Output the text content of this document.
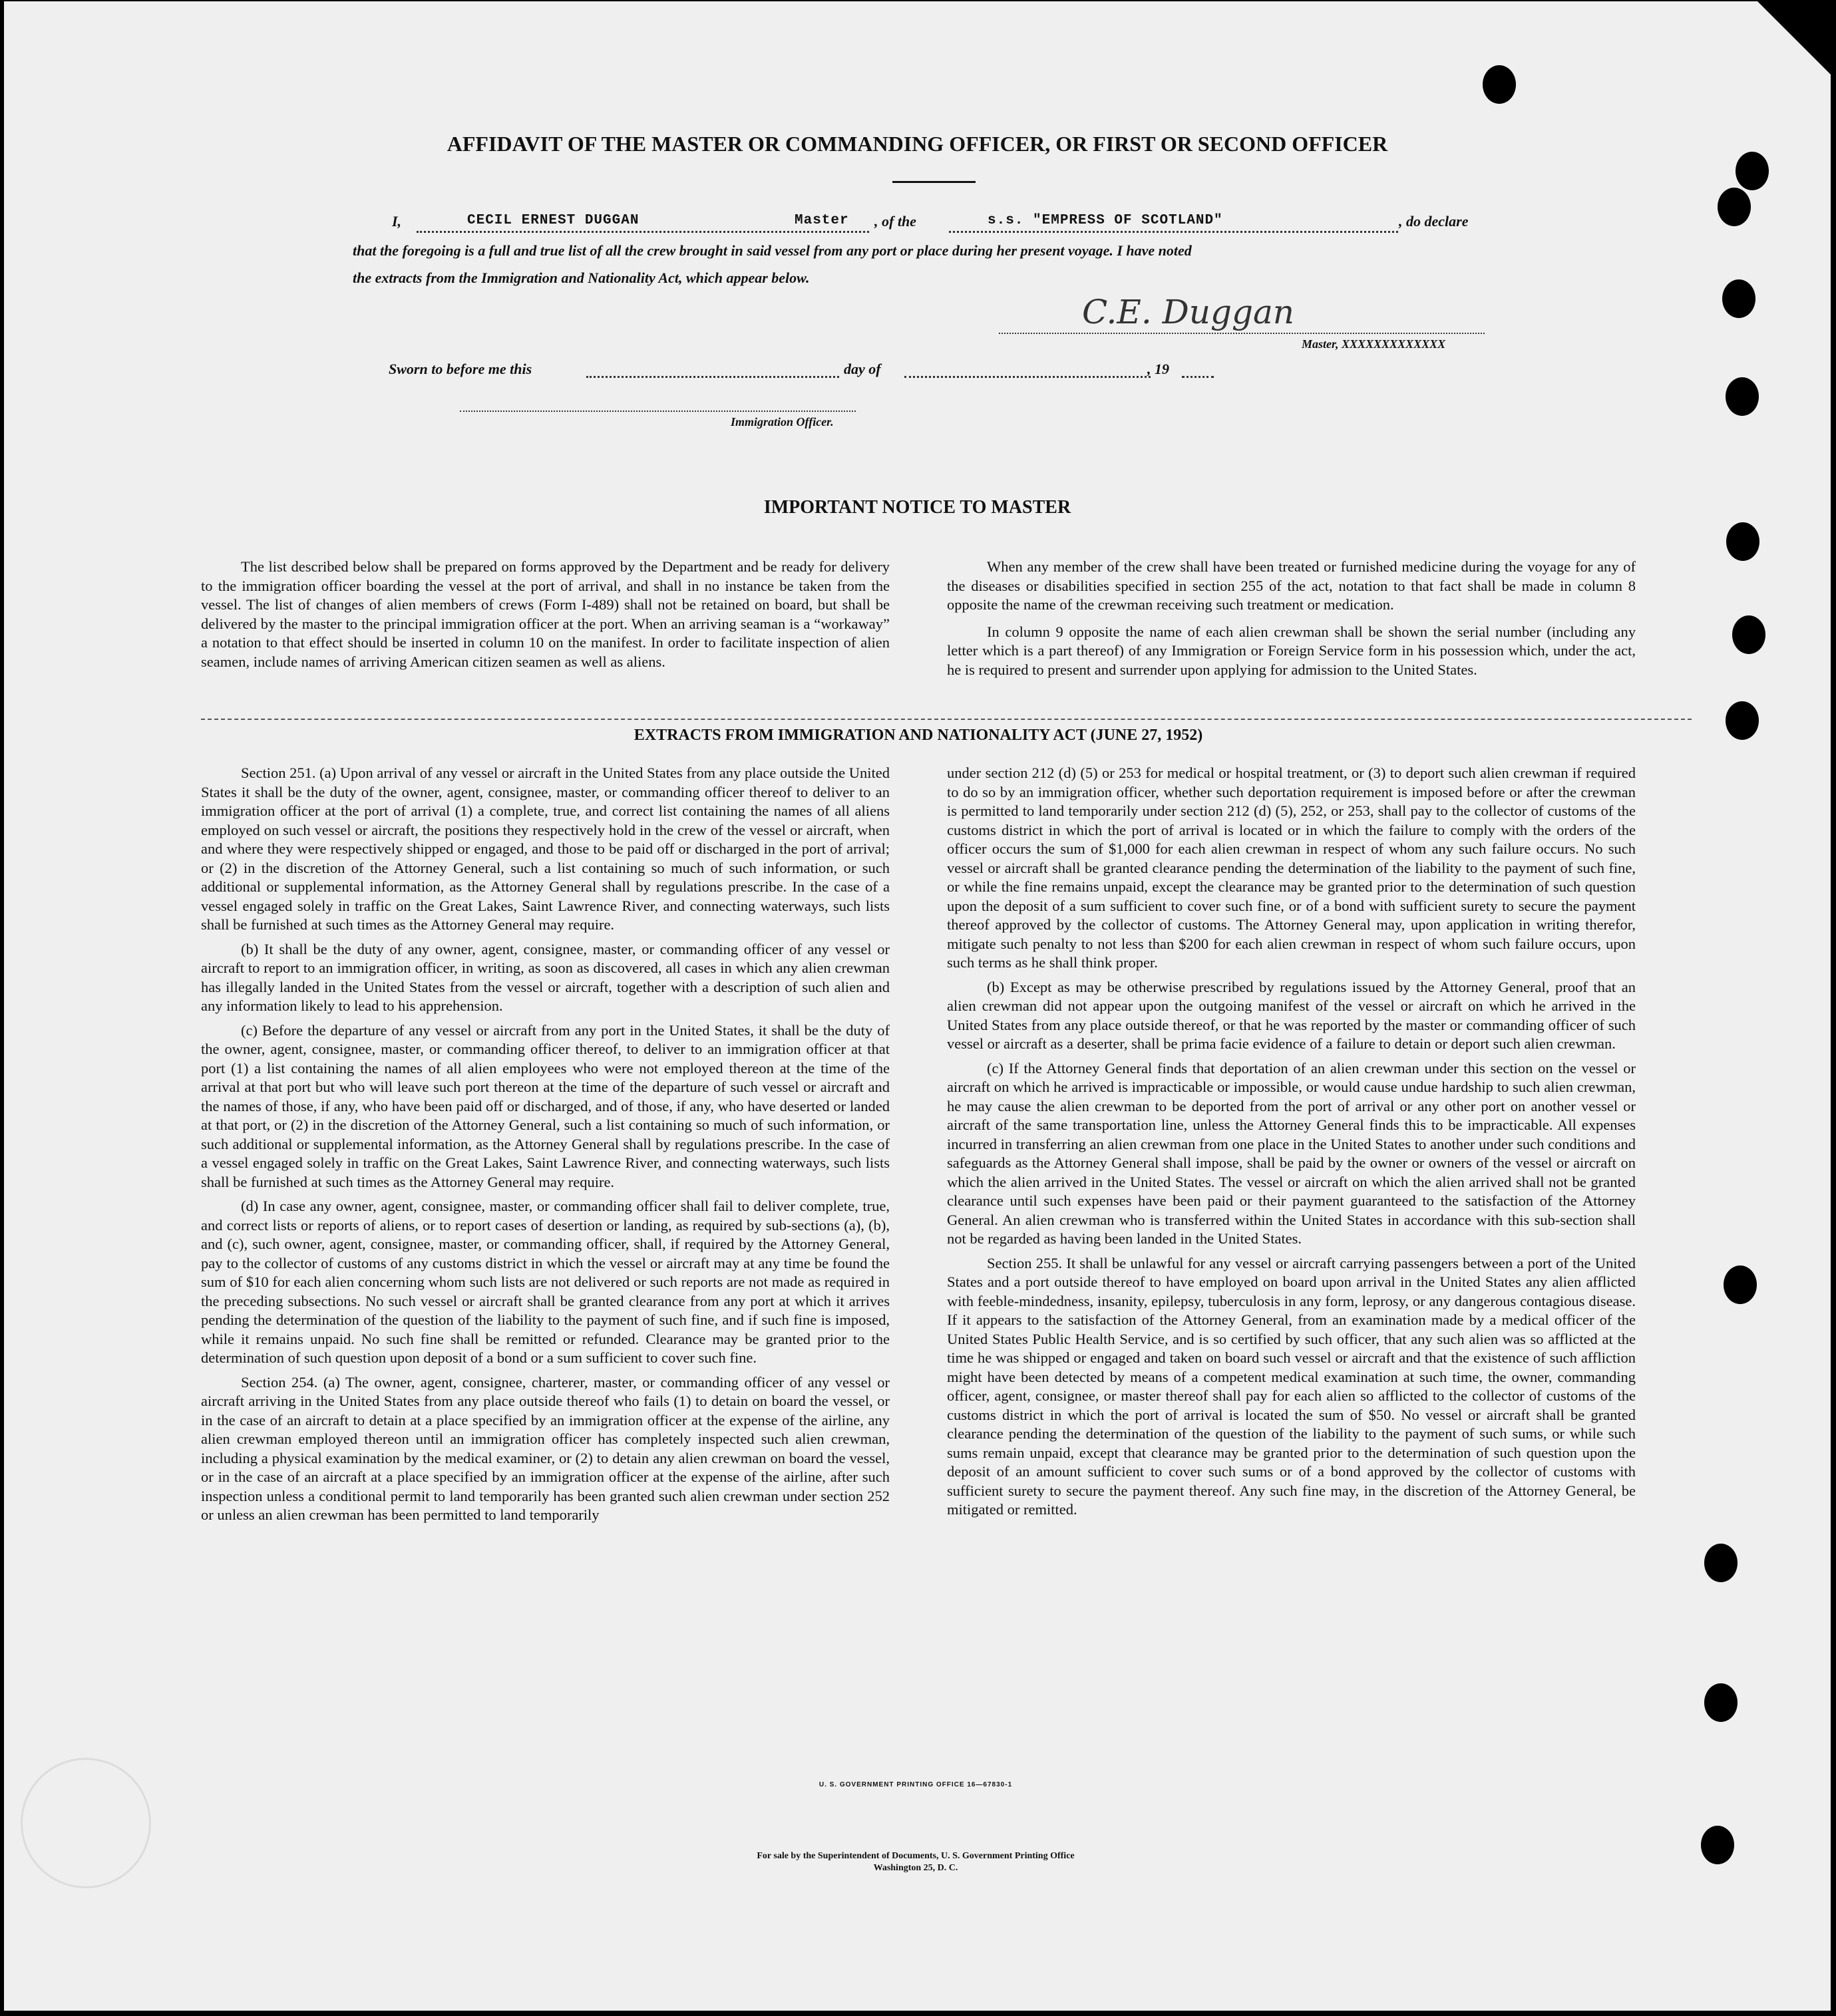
AFFIDAVIT OF THE MASTER OR COMMANDING OFFICER, OR FIRST OR SECOND OFFICER
I,	CECIL ERNEST DUGGAN	Master , of the	s.s. "EMPRESS OF SCOTLAND"	, do declare
that the foregoing is a full and true list of all the crew brought in said vessel from any port or place during her present voyage. I have noted
the extracts from the Immigration and Nationality Act, which appear below.
C.E. Duggan
Master, XXXXXXXXXXXXX
Sworn to before me this	day of	, 19
Immigration Officer.
IMPORTANT NOTICE TO MASTER

The list described below shall be prepared on forms approved by the Department and be ready for delivery to the immigration officer boarding the vessel at the port of arrival, and shall in no instance be taken from the vessel. The list of changes of alien members of crews (Form I-489) shall not be retained on board, but shall be delivered by the master to the principal immigration officer at the port. When an arriving seaman is a “workaway” a notation to that effect should be inserted in column 10 on the manifest. In order to facilitate inspection of alien seamen, include names of arriving American citizen seamen as well as aliens.

When any member of the crew shall have been treated or furnished medicine during the voyage for any of the diseases or disabilities specified in section 255 of the act, notation to that fact shall be made in column 8 opposite the name of the crewman receiving such treatment or medication.

In column 9 opposite the name of each alien crewman shall be shown the serial number (including any letter which is a part thereof) of any Immigration or Foreign Service form in his possession which, under the act, he is required to present and surrender upon applying for admission to the United States.

EXTRACTS FROM IMMIGRATION AND NATIONALITY ACT (JUNE 27, 1952)

Section 251. (a) Upon arrival of any vessel or aircraft in the United States from any place outside the United States it shall be the duty of the owner, agent, consignee, master, or commanding officer thereof to deliver to an immigration officer at the port of arrival (1) a complete, true, and correct list containing the names of all aliens employed on such vessel or aircraft, the positions they respectively hold in the crew of the vessel or aircraft, when and where they were respectively shipped or engaged, and those to be paid off or discharged in the port of arrival; or (2) in the discretion of the Attorney General, such a list containing so much of such information, or such additional or supplemental information, as the Attorney General shall by regulations prescribe. In the case of a vessel engaged solely in traffic on the Great Lakes, Saint Lawrence River, and connecting waterways, such lists shall be furnished at such times as the Attorney General may require.

(b) It shall be the duty of any owner, agent, consignee, master, or commanding officer of any vessel or aircraft to report to an immigration officer, in writing, as soon as discovered, all cases in which any alien crewman has illegally landed in the United States from the vessel or aircraft, together with a description of such alien and any information likely to lead to his apprehension.

(c) Before the departure of any vessel or aircraft from any port in the United States, it shall be the duty of the owner, agent, consignee, master, or commanding officer thereof, to deliver to an immigration officer at that port (1) a list containing the names of all alien employees who were not employed thereon at the time of the arrival at that port but who will leave such port thereon at the time of the departure of such vessel or aircraft and the names of those, if any, who have been paid off or discharged, and of those, if any, who have deserted or landed at that port, or (2) in the discretion of the Attorney General, such a list containing so much of such information, or such additional or supplemental information, as the Attorney General shall by regulations prescribe. In the case of a vessel engaged solely in traffic on the Great Lakes, Saint Lawrence River, and connecting waterways, such lists shall be furnished at such times as the Attorney General may require.

(d) In case any owner, agent, consignee, master, or commanding officer shall fail to deliver complete, true, and correct lists or reports of aliens, or to report cases of desertion or landing, as required by sub-sections (a), (b), and (c), such owner, agent, consignee, master, or commanding officer, shall, if required by the Attorney General, pay to the collector of customs of any customs district in which the vessel or aircraft may at any time be found the sum of $10 for each alien concerning whom such lists are not delivered or such reports are not made as required in the preceding subsections. No such vessel or aircraft shall be granted clearance from any port at which it arrives pending the determination of the question of the liability to the payment of such fine, and if such fine is imposed, while it remains unpaid. No such fine shall be remitted or refunded. Clearance may be granted prior to the determination of such question upon deposit of a bond or a sum sufficient to cover such fine.

Section 254. (a) The owner, agent, consignee, charterer, master, or commanding officer of any vessel or aircraft arriving in the United States from any place outside thereof who fails (1) to detain on board the vessel, or in the case of an aircraft to detain at a place specified by an immigration officer at the expense of the airline, any alien crewman employed thereon until an immigration officer has completely inspected such alien crewman, including a physical examination by the medical examiner, or (2) to detain any alien crewman on board the vessel, or in the case of an aircraft at a place specified by an immigration officer at the expense of the airline, after such inspection unless a conditional permit to land temporarily has been granted such alien crewman under section 252 or unless an alien crewman has been permitted to land temporarily

under section 212 (d) (5) or 253 for medical or hospital treatment, or (3) to deport such alien crewman if required to do so by an immigration officer, whether such deportation requirement is imposed before or after the crewman is permitted to land temporarily under section 212 (d) (5), 252, or 253, shall pay to the collector of customs of the customs district in which the port of arrival is located or in which the failure to comply with the orders of the officer occurs the sum of $1,000 for each alien crewman in respect of whom any such failure occurs. No such vessel or aircraft shall be granted clearance pending the determination of the liability to the payment of such fine, or while the fine remains unpaid, except the clearance may be granted prior to the determination of such question upon the deposit of a sum sufficient to cover such fine, or of a bond with sufficient surety to secure the payment thereof approved by the collector of customs. The Attorney General may, upon application in writing therefor, mitigate such penalty to not less than $200 for each alien crewman in respect of whom such failure occurs, upon such terms as he shall think proper.

(b) Except as may be otherwise prescribed by regulations issued by the Attorney General, proof that an alien crewman did not appear upon the outgoing manifest of the vessel or aircraft on which he arrived in the United States from any place outside thereof, or that he was reported by the master or commanding officer of such vessel or aircraft as a deserter, shall be prima facie evidence of a failure to detain or deport such alien crewman.

(c) If the Attorney General finds that deportation of an alien crewman under this section on the vessel or aircraft on which he arrived is impracticable or impossible, or would cause undue hardship to such alien crewman, he may cause the alien crewman to be deported from the port of arrival or any other port on another vessel or aircraft of the same transportation line, unless the Attorney General finds this to be impracticable. All expenses incurred in transferring an alien crewman from one place in the United States to another under such conditions and safeguards as the Attorney General shall impose, shall be paid by the owner or owners of the vessel or aircraft on which the alien arrived in the United States. The vessel or aircraft on which the alien arrived shall not be granted clearance until such expenses have been paid or their payment guaranteed to the satisfaction of the Attorney General. An alien crewman who is transferred within the United States in accordance with this sub-section shall not be regarded as having been landed in the United States.

Section 255. It shall be unlawful for any vessel or aircraft carrying passengers between a port of the United States and a port outside thereof to have employed on board upon arrival in the United States any alien afflicted with feeble-mindedness, insanity, epilepsy, tuberculosis in any form, leprosy, or any dangerous contagious disease. If it appears to the satisfaction of the Attorney General, from an examination made by a medical officer of the United States Public Health Service, and is so certified by such officer, that any such alien was so afflicted at the time he was shipped or engaged and taken on board such vessel or aircraft and that the existence of such affliction might have been detected by means of a competent medical examination at such time, the owner, commanding officer, agent, consignee, or master thereof shall pay for each alien so afflicted to the collector of customs of the customs district in which the port of arrival is located the sum of $50. No vessel or aircraft shall be granted clearance pending the determination of the question of the liability to the payment of such sums, or while such sums remain unpaid, except that clearance may be granted prior to the determination of such question upon the deposit of an amount sufficient to cover such sums or of a bond approved by the collector of customs with sufficient surety to secure the payment thereof. Any such fine may, in the discretion of the Attorney General, be mitigated or remitted.

U. S. GOVERNMENT PRINTING OFFICE 16—67830-1
For sale by the Superintendent of Documents, U. S. Government Printing Office
Washington 25, D. C.
